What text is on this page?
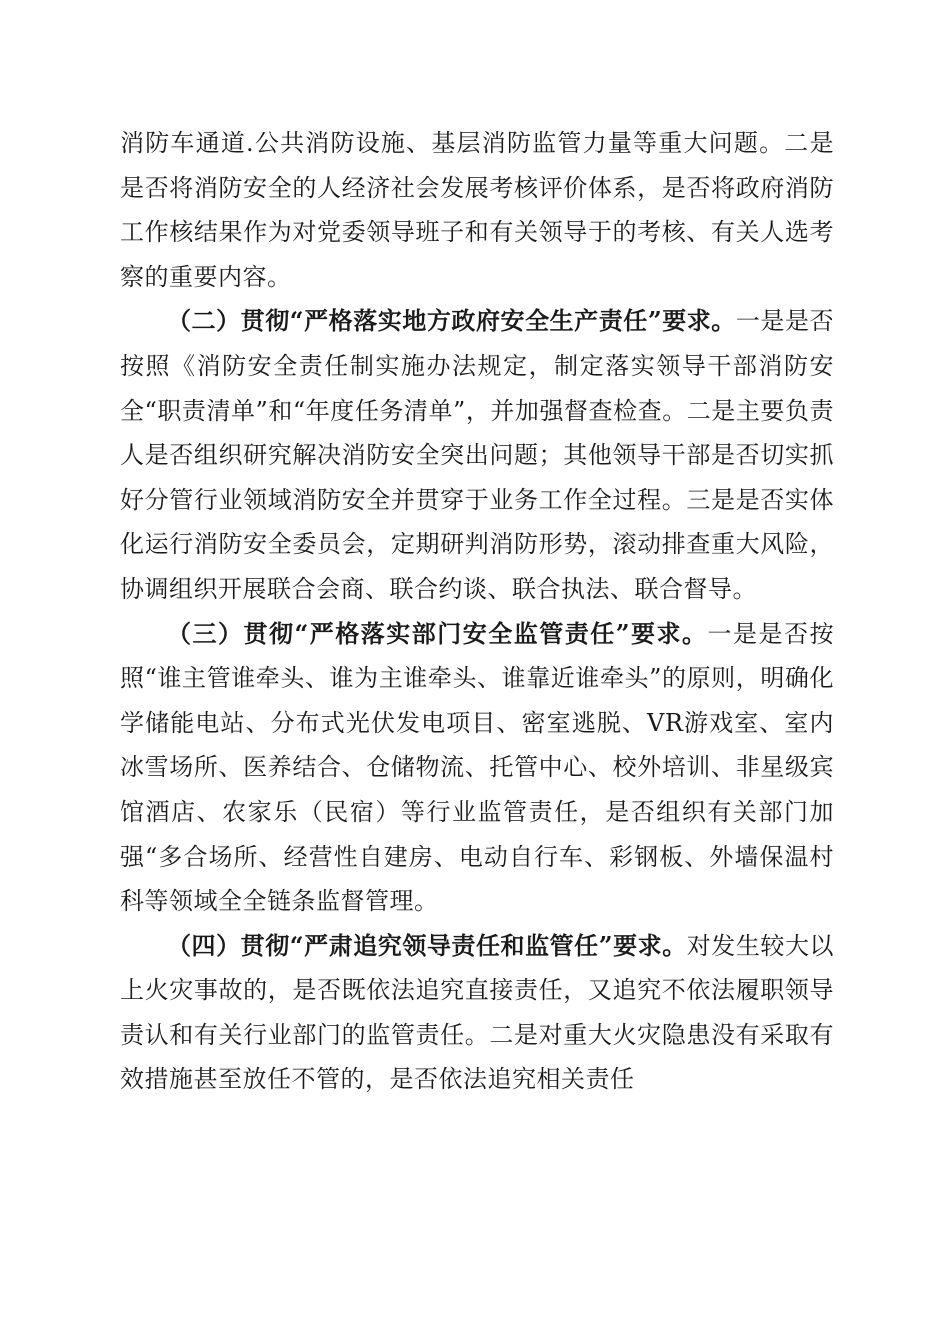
消防车通道.公共消防设施、基层消防监管力量等重大问题。二是是否将消防安全的人经济社会发展考核评价体系，是否将政府消防工作核结果作为对党委领导班子和有关领导于的考核、有关人选考察的重要内容。

（二）贯彻“严格落实地方政府安全生产责任”要求。一是是否按照《消防安全责任制实施办法规定，制定落实领导干部消防安全“职责清单”和“年度任务清单”，并加强督查检查。二是主要负责人是否组织研究解决消防安全突出问题；其他领导干部是否切实抓好分管行业领域消防安全并贯穿于业务工作全过程。三是是否实体化运行消防安全委员会，定期研判消防形势，滚动排查重大风险，协调组织开展联合会商、联合约谈、联合执法、联合督导。

（三）贯彻“严格落实部门安全监管责任”要求。一是是否按照“谁主管谁牵头、谁为主谁牵头、谁靠近谁牵头”的原则，明确化学储能电站、分布式光伏发电项目、密室逃脱、VR游戏室、室内冰雪场所、医养结合、仓储物流、托管中心、校外培训、非星级宾馆酒店、农家乐（民宿）等行业监管责任，是否组织有关部门加强“多合场所、经营性自建房、电动自行车、彩钢板、外墙保温村科等领域全全链条监督管理。

（四）贯彻“严肃追究领导责任和监管任”要求。对发生较大以上火灾事故的，是否既依法追究直接责任，又追究不依法履职领导责认和有关行业部门的监管责任。二是对重大火灾隐患没有采取有效措施甚至放任不管的，是否依法追究相关责任
